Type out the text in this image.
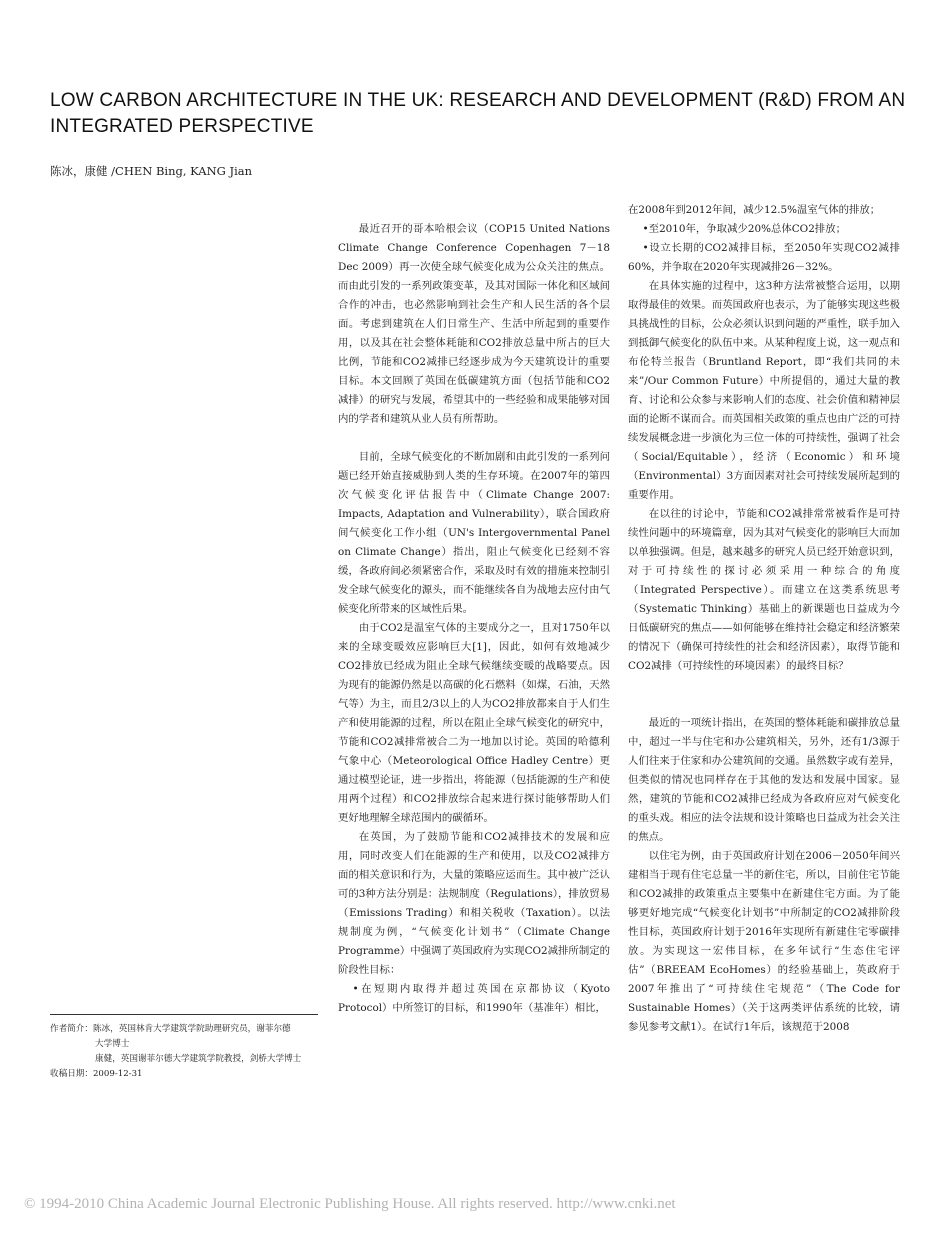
LOW CARBON ARCHITECTURE IN THE UK: RESEARCH AND DEVELOPMENT (R&D) FROM AN INTEGRATED PERSPECTIVE
陈冰，康健 /CHEN Bing, KANG Jian

最近召开的哥本哈根会议（COP15 United Nations Climate Change Conference Copenhagen 7－18 Dec 2009）再一次使全球气候变化成为公众关注的焦点。而由此引发的一系列政策变革，及其对国际一体化和区域间合作的冲击，也必然影响到社会生产和人民生活的各个层面。考虑到建筑在人们日常生产、生活中所起到的重要作用，以及其在社会整体耗能和CO2排放总量中所占的巨大比例，节能和CO2减排已经逐步成为今天建筑设计的重要目标。本文回顾了英国在低碳建筑方面（包括节能和CO2减排）的研究与发展，希望其中的一些经验和成果能够对国内的学者和建筑从业人员有所帮助。

目前，全球气候变化的不断加剧和由此引发的一系列问题已经开始直接威胁到人类的生存环境。在2007年的第四次气候变化评估报告中（Climate Change 2007: Impacts, Adaptation and Vulnerability），联合国政府间气候变化工作小组（UN's Intergovernmental Panel on Climate Change）指出，阻止气候变化已经刻不容缓，各政府间必须紧密合作，采取及时有效的措施来控制引发全球气候变化的源头，而不能继续各自为战地去应付由气候变化所带来的区域性后果。

由于CO2是温室气体的主要成分之一，且对1750年以来的全球变暖效应影响巨大[1]，因此，如何有效地减少CO2排放已经成为阻止全球气候继续变暖的战略要点。因为现有的能源仍然是以高碳的化石燃料（如煤，石油，天然气等）为主，而且2/3以上的人为CO2排放都来自于人们生产和使用能源的过程，所以在阻止全球气候变化的研究中，节能和CO2减排常被合二为一地加以讨论。英国的哈德利气象中心（Meteorological Office Hadley Centre）更通过模型论证，进一步指出，将能源（包括能源的生产和使用两个过程）和CO2排放综合起来进行探讨能够帮助人们更好地理解全球范围内的碳循环。

在英国，为了鼓励节能和CO2减排技术的发展和应用，同时改变人们在能源的生产和使用，以及CO2减排方面的相关意识和行为，大量的策略应运而生。其中被广泛认可的3种方法分别是：法规制度（Regulations），排放贸易（Emissions Trading）和相关税收（Taxation）。以法规制度为例，“气候变化计划书”（Climate Change Programme）中强调了英国政府为实现CO2减排所制定的阶段性目标：

•在短期内取得并超过英国在京都协议（Kyoto Protocol）中所签订的目标，和1990年（基准年）相比，

在2008年到2012年间，减少12.5%温室气体的排放；

•至2010年，争取减少20%总体CO2排放；

•设立长期的CO2减排目标，至2050年实现CO2减排60%，并争取在2020年实现减排26－32%。

在具体实施的过程中，这3种方法常被整合运用，以期取得最佳的效果。而英国政府也表示，为了能够实现这些极具挑战性的目标，公众必须认识到问题的严重性，联手加入到抵御气候变化的队伍中来。从某种程度上说，这一观点和布伦特兰报告（Bruntland Report，即“我们共同的未来”/Our Common Future）中所提倡的，通过大量的教育、讨论和公众参与来影响人们的态度、社会价值和精神层面的论断不谋而合。而英国相关政策的重点也由广泛的可持续发展概念进一步演化为三位一体的可持续性，强调了社会（Social/Equitable），经济（Economic）和环境（Environmental）3方面因素对社会可持续发展所起到的重要作用。

在以往的讨论中，节能和CO2减排常常被看作是可持续性问题中的环境篇章，因为其对气候变化的影响巨大而加以单独强调。但是，越来越多的研究人员已经开始意识到，对于可持续性的探讨必须采用一种综合的角度（Integrated Perspective）。而建立在这类系统思考（Systematic Thinking）基础上的新课题也日益成为今日低碳研究的焦点——如何能够在维持社会稳定和经济繁荣的情况下（确保可持续性的社会和经济因素），取得节能和CO2减排（可持续性的环境因素）的最终目标？

最近的一项统计指出，在英国的整体耗能和碳排放总量中，超过一半与住宅和办公建筑相关，另外，还有1/3源于人们往来于住家和办公建筑间的交通。虽然数字或有差异，但类似的情况也同样存在于其他的发达和发展中国家。显然，建筑的节能和CO2减排已经成为各政府应对气候变化的重头戏。相应的法令法规和设计策略也日益成为社会关注的焦点。

以住宅为例，由于英国政府计划在2006－2050年间兴建相当于现有住宅总量一半的新住宅，所以，目前住宅节能和CO2减排的政策重点主要集中在新建住宅方面。为了能够更好地完成“气候变化计划书”中所制定的CO2减排阶段性目标，英国政府计划于2016年实现所有新建住宅零碳排放。为实现这一宏伟目标，在多年试行“生态住宅评估”（BREEAM EcoHomes）的经验基础上，英政府于2007年推出了“可持续住宅规范”（The Code for Sustainable Homes）（关于这两类评估系统的比较，请参见参考文献1）。在试行1年后，该规范于2008

作者简介：陈冰，英国林肯大学建筑学院助理研究员，谢菲尔德
大学博士
康健，英国谢菲尔德大学建筑学院教授，剑桥大学博士
收稿日期：2009-12-31
© 1994-2010 China Academic Journal Electronic Publishing House. All rights reserved. http://www.cnki.net
